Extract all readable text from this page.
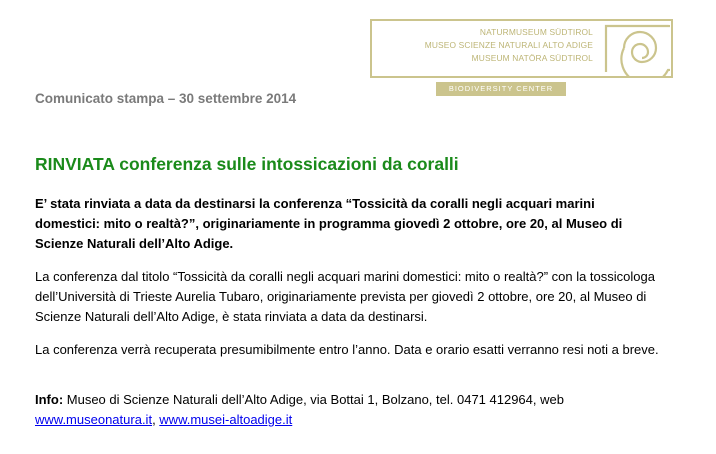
NATURMUSEUM SÜDTIROL
MUSEO SCIENZE NATURALI ALTO ADIGE
MUSEUM NATÖRA SÜDTIROL
BIODIVERSITY CENTER
Comunicato stampa – 30 settembre 2014
RINVIATA conferenza sulle intossicazioni da coralli
E’ stata rinviata a data da destinarsi la conferenza “Tossicità da coralli negli acquari marini
domestici: mito o realtà?”, originariamente in programma giovedì 2 ottobre, ore 20, al Museo di
Scienze Naturali dell’Alto Adige.
La conferenza dal titolo “Tossicità da coralli negli acquari marini domestici: mito o realtà?” con la tossicologa
dell’Università di Trieste Aurelia Tubaro, originariamente prevista per giovedì 2 ottobre, ore 20, al Museo di
Scienze Naturali dell’Alto Adige, è stata rinviata a data da destinarsi.
La conferenza verrà recuperata presumibilmente entro l’anno. Data e orario esatti verranno resi noti a breve.
Info: Museo di Scienze Naturali dell’Alto Adige, via Bottai 1, Bolzano, tel. 0471 412964, web
www.museonatura.it, www.musei-altoadige.it
